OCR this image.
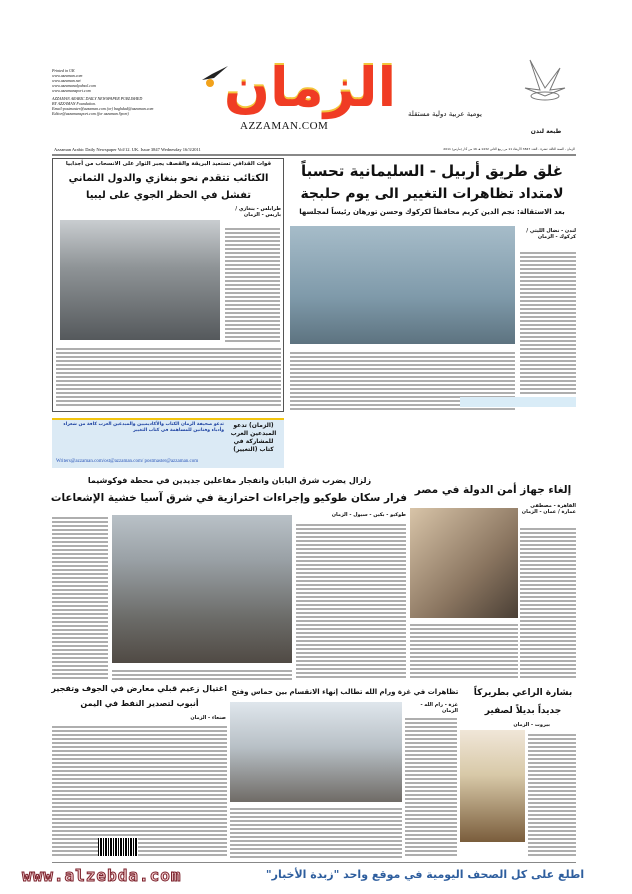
Printed in UK
www.azzaman.com
www.azzaman.net
www.azzamanalyabsol.com
www.azzamansport.com
AZZAMAN ARABIC DAILY NEWSPAPER PUBLISHED
BY AZZAMAN Foundation.
Email:postmaster@azzaman.com (or) baghdad@azzaman.com
Editor@azzamansport.com (for azzaman Sport)	الزمان
AZZAMAN.COM
يومية عربية دولية مستقلة
طبعة لندن
Azzaman Arabic Daily Newspaper Vol/12. UK. Issue 3847 Wednesday 16/3/2011	الزمان - السنة الثالثة عشرة - العدد 3847 الأربعاء 11 من ربيع الثاني 1432 هـ 16 من آذار (مارس) 2011
غلق طريق أربيل - السليمانية تحسباً
لامتداد تظاهرات التغيير الى يوم حلبجة
بعد الاستقالة: نجم الدين كريم محافظاً لكركوك وحسن تورهان رئيساً لمجلسها
لندن - نضال الليثي / كركوك - الزمان
قوات القذافي تستعيد البريقة والقصف يجبر الثوار على الانسحاب من أجدابيا
الكتائب تتقدم نحو بنغازي والدول الثماني
تفشل في الحظر الجوي على ليبيا
طرابلس - بنغازي / باريس - الزمان
(الزمان) تدعو المبدعين العرب للمشاركة في كتاب (التغيير)
تدعو صحيفة الزمان الكتاب والأكاديميين والمبدعين العرب كافة من شعراء وأدباء وفنانين للمساهمة في كتاب التغيير
Writers@azzaman.com/ost@azzaman.com/ postmaster@azzaman.com
إلغاء جهاز أمن الدولة في مصر
القاهرة - مصطفى عمارة / عمان - الزمان
زلزال يضرب شرق اليابان وانفجار مفاعلين جديدين في محطة فوكوشيما
فرار سكان طوكيو وإجراءات احترازية في شرق آسيا خشية الإشعاعات
طوكيو - بكين - سيول - الزمان
بشارة الراعي بطريركاً
جديداً بديلاً لصفير
بيروت - الزمان
تظاهرات في غزة ورام الله تطالب إنهاء الانقسام بين حماس وفتح
غزة - رام الله - الزمان
اغتيال زعيم قبلي معارض في الجوف وتفجير
أنبوب لتصدير النفط في اليمن
صنعاء - الزمان
www.alzebda.com	اطلع على كل الصحف اليومية في موقع واحد "زبدة الأخبار"
